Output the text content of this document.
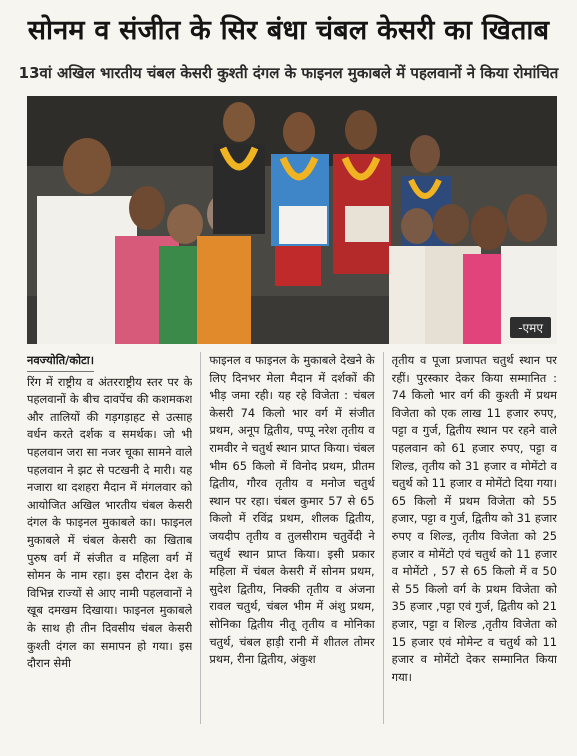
सोनम व संजीत के सिर बंधा चंबल केसरी का खिताब
13वां अखिल भारतीय चंबल केसरी कुश्ती दंगल के फाइनल मुकाबले में पहलवानों ने किया रोमांचित
-एमए
नवज्योति/कोटा।

रिंग में राष्ट्रीय व अंतरराष्ट्रीय स्तर पर के पहलवानों के बीच दावपेंच की कशमकश और तालियों की गड़गड़ाहट से उत्साह वर्धन करते दर्शक व समर्थक। जो भी पहलवान जरा सा नजर चूका सामने वाले पहलवान ने झट से पटखनी दे मारी। यह नजारा था दशहरा मैदान में मंगलवार को आयोजित अखिल भारतीय चंबल केसरी दंगल के फाइनल मुकाबले का। फाइनल मुकाबले में चंबल केसरी का खिताब पुरुष वर्ग में संजीत व महिला वर्ग में सोमन के नाम रहा। इस दौरान देश के विभिन्न राज्यों से आए नामी पहलवानों ने खूब दमखम दिखाया। फाइनल मुकाबले के साथ ही तीन दिवसीय चंबल केसरी कुश्ती दंगल का समापन हो गया। इस दौरान सेमी

फाइनल व फाइनल के मुकाबले देखने के लिए दिनभर मेला मैदान में दर्शकों की भीड़ जमा रही। यह रहे विजेता : चंबल केसरी 74 किलो भार वर्ग में संजीत प्रथम, अनूप द्वितीय, पप्पू नरेश तृतीय व रामवीर ने चतुर्थ स्थान प्राप्त किया। चंबल भीम 65 किलो में विनोद प्रथम, प्रीतम द्वितीय, गौरव तृतीय व मनोज चतुर्थ स्थान पर रहा। चंबल कुमार 57 से 65 किलो में रविंद्र प्रथम, शीलक द्वितीय, जयदीप तृतीय व तुलसीराम चतुर्वेदी ने चतुर्थ स्थान प्राप्त किया। इसी प्रकार महिला में चंबल केसरी में सोनम प्रथम, सुदेश द्वितीय, निक्की तृतीय व अंजना रावल चतुर्थ, चंबल भीम में अंशु प्रथम, सोनिका द्वितीय नीतू तृतीय व मोनिका चतुर्थ, चंबल हाड़ी रानी में शीतल तोमर प्रथम, रीना द्वितीय, अंकुश

तृतीय व पूजा प्रजापत चतुर्थ स्थान पर रहीं। पुरस्कार देकर किया सम्मानित : 74 किलो भार वर्ग की कुश्ती में प्रथम विजेता को एक लाख 11 हजार रुपए, पट्टा व गुर्ज, द्वितीय स्थान पर रहने वाले पहलवान को 61 हजार रुपए, पट्टा व शिल्ड, तृतीय को 31 हजार व मोमेंटो व चतुर्थ को 11 हजार व मोमेंटो दिया गया। 65 किलो में प्रथम विजेता को 55 हजार, पट्टा व गुर्ज, द्वितीय को 31 हजार रुपए व शिल्ड, तृतीय विजेता को 25 हजार व मोमेंटो एवं चतुर्थ को 11 हजार व मोमेंटो , 57 से 65 किलो में व 50 से 55 किलो वर्ग के प्रथम विजेता को 35 हजार ,पट्टा एवं गुर्ज, द्वितीय को 21 हजार, पट्टा व शिल्ड ,तृतीय विजेता को 15 हजार एवं मोमेन्ट व चतुर्थ को 11 हजार व मोमेंटो देकर सम्मानित किया गया।
